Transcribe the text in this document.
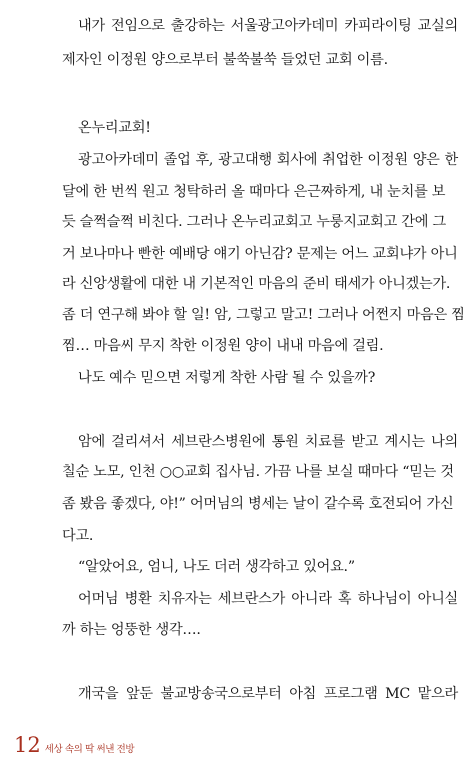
내가 전임으로 출강하는 서울광고아카데미 카피라이팅 교실의
제자인 이정원 양으로부터 불쑥불쑥 들었던 교회 이름.
온누리교회!
광고아카데미 졸업 후, 광고대행 회사에 취업한 이정원 양은 한
달에 한 번씩 원고 청탁하러 올 때마다 은근짜하게, 내 눈치를 보
듯 슬쩍슬쩍 비친다. 그러나 온누리교회고 누룽지교회고 간에 그
거 보나마나 빤한 예배당 얘기 아닌감? 문제는 어느 교회냐가 아니
라 신앙생활에 대한 내 기본적인 마음의 준비 태세가 아니겠는가.
좀 더 연구해 봐야 할 일! 암, 그렇고 말고! 그러나 어쩐지 마음은 찜
찜… 마음씨 무지 착한 이정원 양이 내내 마음에 걸림.
나도 예수 믿으면 저렇게 착한 사람 될 수 있을까?
암에 걸리셔서 세브란스병원에 통원 치료를 받고 계시는 나의
칠순 노모, 인천 ○○교회 집사님. 가끔 나를 보실 때마다 “믿는 것
좀 봤음 좋겠다, 야!” 어머님의 병세는 날이 갈수록 호전되어 가신
다고.
“알았어요, 엄니, 나도 더러 생각하고 있어요.”
어머님 병환 치유자는 세브란스가 아니라 혹 하나님이 아니실
까 하는 엉뚱한 생각….
개국을 앞둔 불교방송국으로부터 아침 프로그램 MC 맡으라
12 세상 속의 딱 써낸 전방
